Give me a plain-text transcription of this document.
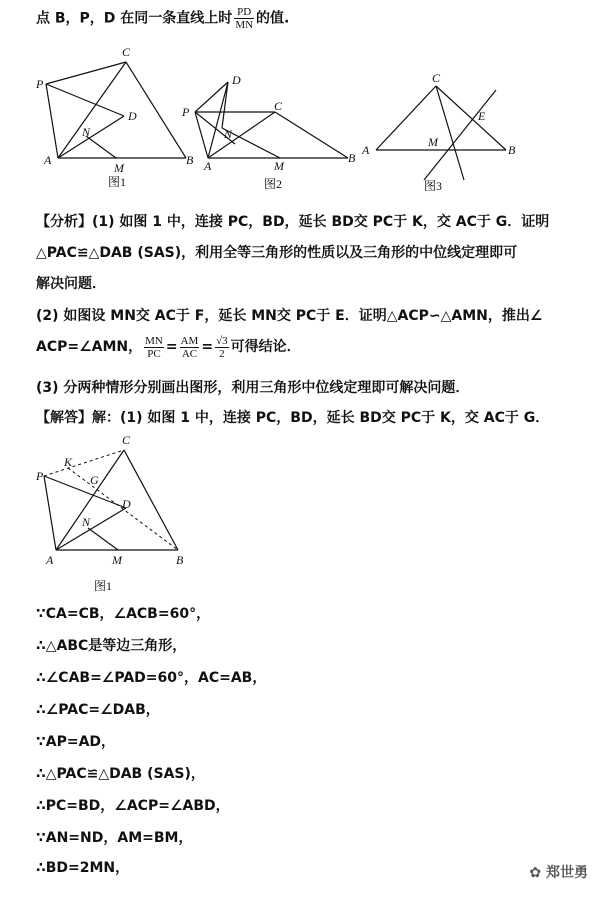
点 B，P，D 在同一条直线上时 $\frac{PD}{MN}$ 的值.
P
C
D
N
A
M
B
图1
D
P	C
N
A	M
B
图2
C
E
M
A	B
图3
【分析】(1) 如图 1 中，连接 PC，BD，延长 BD交 PC于 K，交 AC于 G．证明
△PAC≌△DAB (SAS)，利用全等三角形的性质以及三角形的中位线定理即可
解决问题．
(2) 如图设 MN交 AC于 F，延长 MN交 PC于 E．证明△ACP∽△AMN，推出∠
ACP=∠AMN， $\frac{MN}{PC} = \frac{AM}{AC} = \frac{√3}{2}$ 可得结论．
(3) 分两种情形分别画出图形，利用三角形中位线定理即可解决问题．
【解答】解：(1) 如图 1 中，连接 PC，BD，延长 BD交 PC于 K，交 AC于 G．
C
K
P	G
D
N
A	M	B
图1
∵CA=CB，∠ACB=60°，
∴△ABC是等边三角形，
∴∠CAB=∠PAD=60°，AC=AB，
∴∠PAC=∠DAB，
∵AP=AD，
∴△PAC≌△DAB (SAS)，
∴PC=BD，∠ACP=∠ABD，
∵AN=ND，AM=BM，
∴BD=2MN，	✿ 郑世勇
